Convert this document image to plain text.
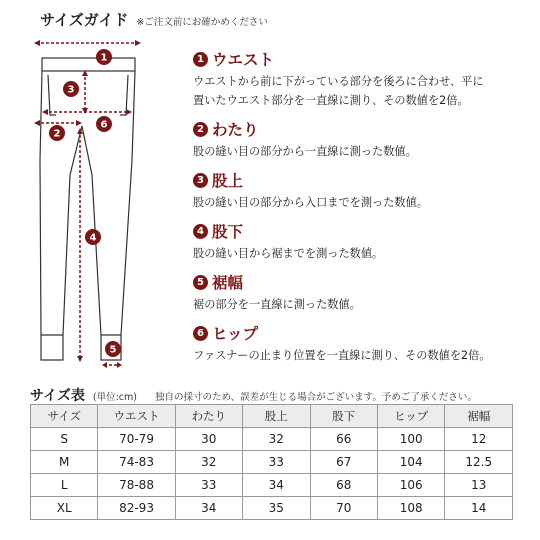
サイズガイド ※ご注文前にお確かめください
1
3
6
2
4
5
1 ウエスト
ウエストから前に下がっている部分を後ろに合わせ、平に
置いたウエスト部分を一直線に測り、その数値を2倍。
2 わたり
股の縫い目の部分から一直線に測った数値。
3 股上
股の縫い目の部分から入口までを測った数値。
4 股下
股の縫い目から裾までを測った数値。
5 裾幅
裾の部分を一直線に測った数値。
6 ヒップ
ファスナーの止まり位置を一直線に測り、その数値を2倍。
サイズ表 (単位:cm) 独自の採寸のため、誤差が生じる場合がございます。予めご了承ください。
サイズ	ウエスト	わたり	股上	股下	ヒップ	裾幅
S	70-79	30	32	66	100	12
M	74-83	32	33	67	104	12.5
L	78-88	33	34	68	106	13
XL	82-93	34	35	70	108	14
